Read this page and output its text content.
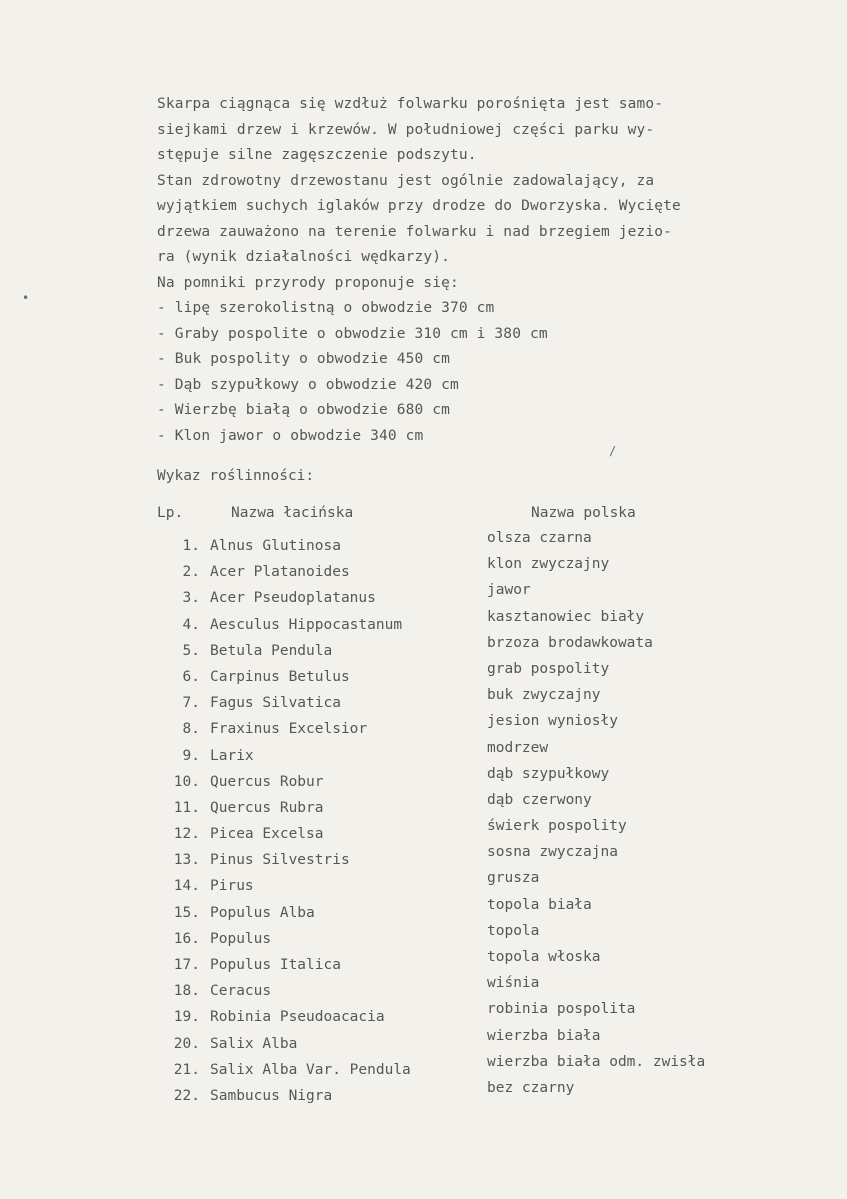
Skarpa ciągnąca się wzdłuż folwarku porośnięta jest samo-
siejkami drzew i krzewów. W południowej części parku wy-
stępuje silne zagęszczenie podszytu.
Stan zdrowotny drzewostanu jest ogólnie zadowalający, za
wyjątkiem suchych iglaków przy drodze do Dworzyska. Wycięte
drzewa zauważono na terenie folwarku i nad brzegiem jezio-
ra (wynik działalności wędkarzy).
Na pomniki przyrody proponuje się:
- lipę szerokolistną o obwodzie 370 cm
- Graby pospolite o obwodzie 310 cm i 380 cm
- Buk pospolity o obwodzie 450 cm
- Dąb szypułkowy o obwodzie 420 cm
- Wierzbę białą o obwodzie 680 cm
- Klon jawor o obwodzie 340 cm
Wykaz roślinności:
Lp.	Nazwa łacińska	Nazwa polska
1. Alnus Glutinosa
2. Acer Platanoides
3. Acer Pseudoplatanus
4. Aesculus Hippocastanum
5. Betula Pendula
6. Carpinus Betulus
7. Fagus Silvatica
8. Fraxinus Excelsior
9. Larix
10. Quercus Robur
11. Quercus Rubra
12. Picea Excelsa
13. Pinus Silvestris
14. Pirus
15. Populus Alba
16. Populus
17. Populus Italica
18. Ceracus
19. Robinia Pseudoacacia
20. Salix Alba
21. Salix Alba Var. Pendula
22. Sambucus Nigra
olsza czarna
klon zwyczajny
jawor
kasztanowiec biały
brzoza brodawkowata
grab pospolity
buk zwyczajny
jesion wyniosły
modrzew
dąb szypułkowy
dąb czerwony
świerk pospolity
sosna zwyczajna
grusza
topola biała
topola
topola włoska
wiśnia
robinia pospolita
wierzba biała
wierzba biała odm. zwisła
bez czarny
•
/
